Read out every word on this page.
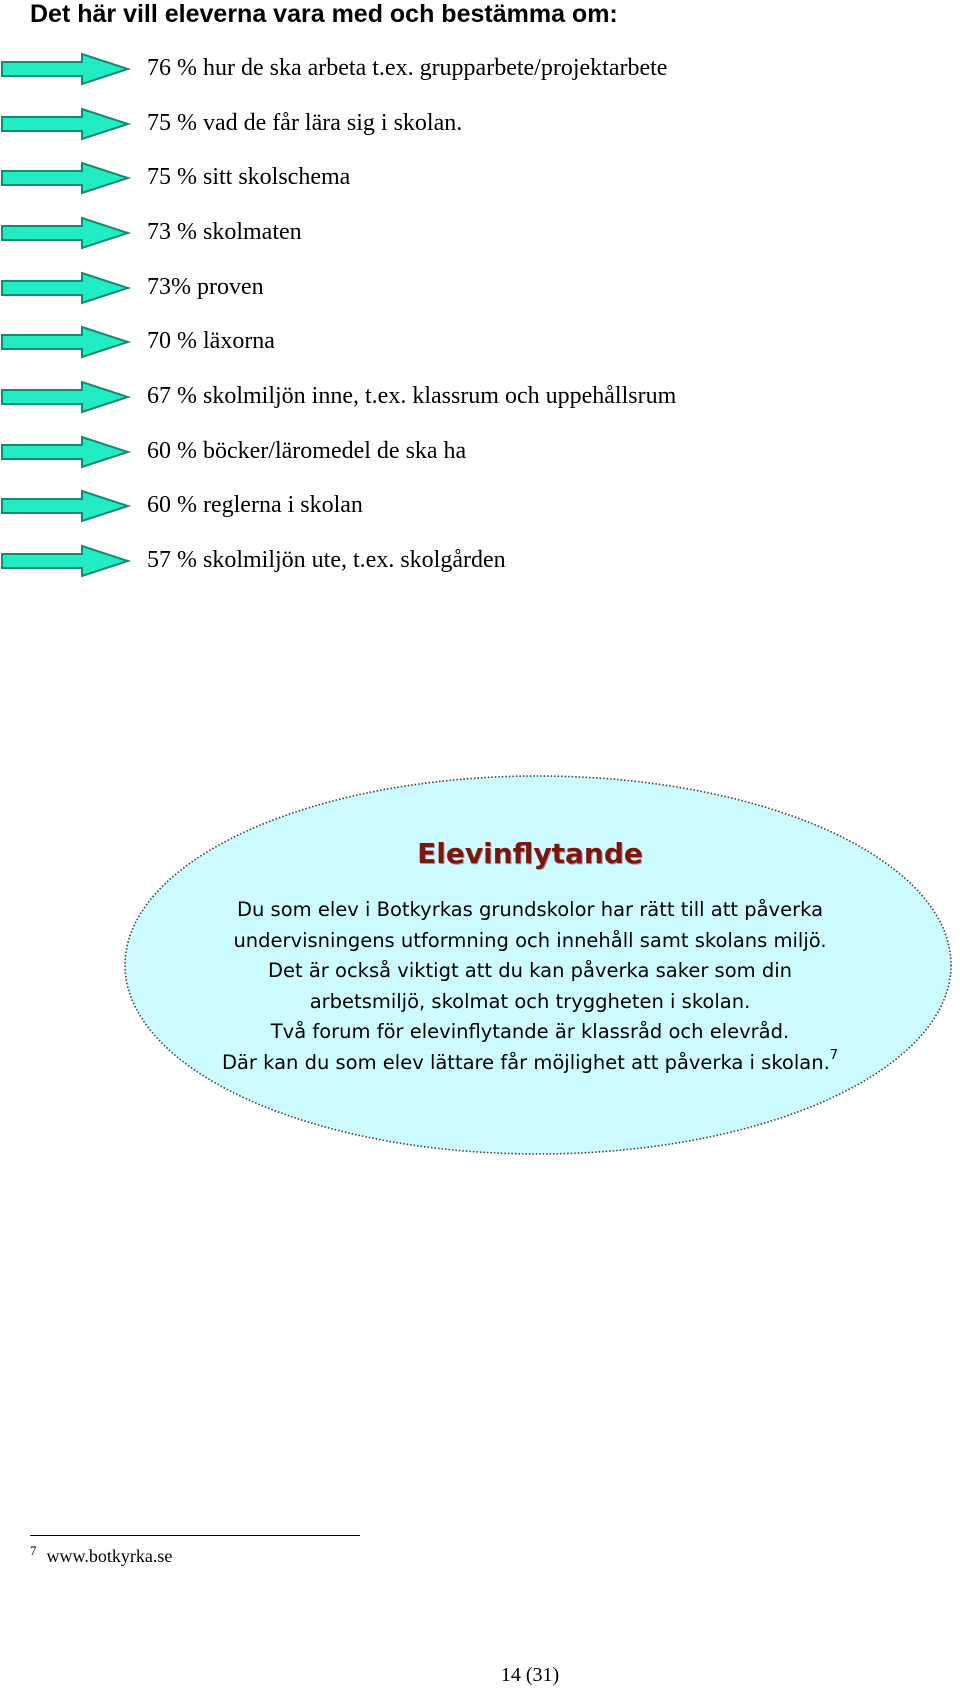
Det här vill eleverna vara med och bestämma om:
76 % hur de ska arbeta t.ex. grupparbete/projektarbete
75 % vad de får lära sig i skolan.
75 % sitt skolschema
73 % skolmaten
73% proven
70 % läxorna
67 % skolmiljön inne, t.ex. klassrum och uppehållsrum
60 % böcker/läromedel de ska ha
60 % reglerna i skolan
57 % skolmiljön ute, t.ex. skolgården
Elevinflytande
Du som elev i Botkyrkas grundskolor har rätt till att påverka
undervisningens utformning och innehåll samt skolans miljö.
Det är också viktigt att du kan påverka saker som din
arbetsmiljö, skolmat och tryggheten i skolan.
Två forum för elevinflytande är klassråd och elevråd.
Där kan du som elev lättare får möjlighet att påverka i skolan.$^7$
$^7$ www.botkyrka.se
14 (31)
